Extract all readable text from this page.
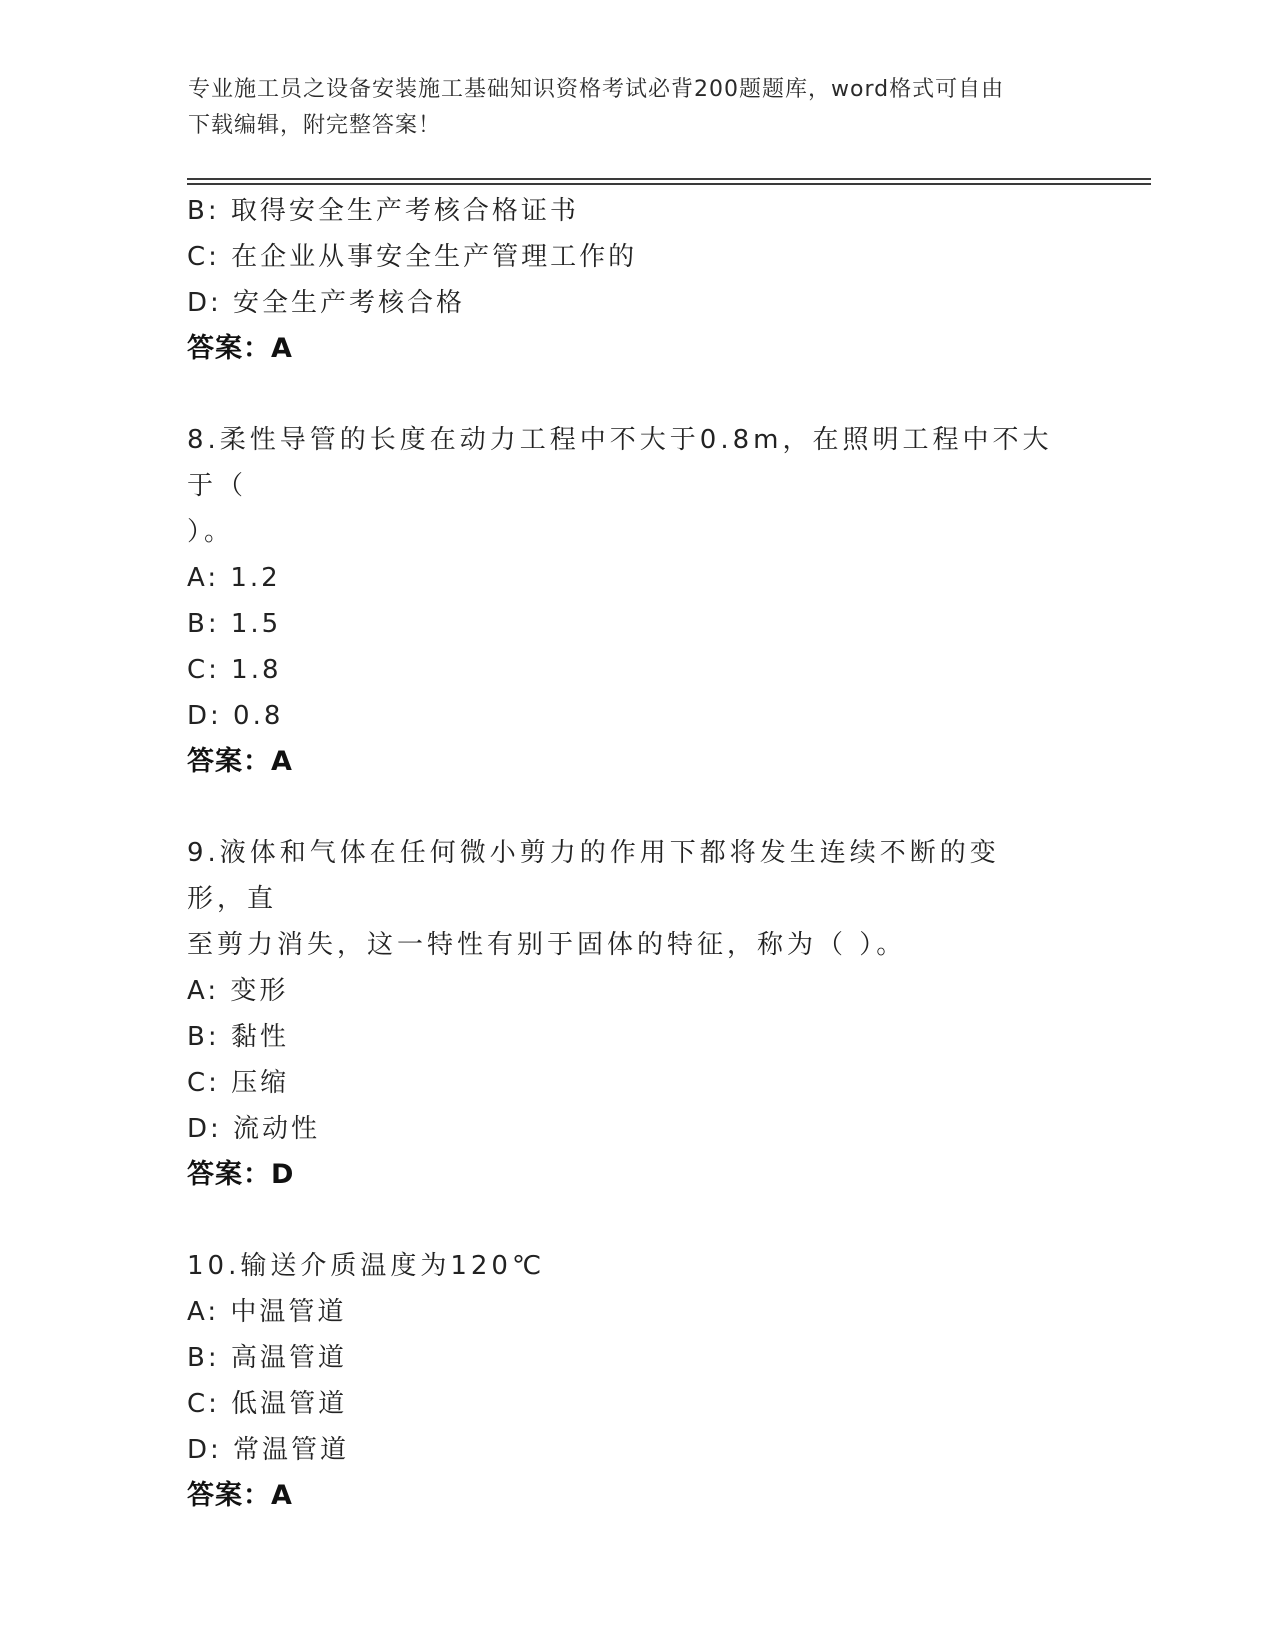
专业施工员之设备安装施工基础知识资格考试必背200题题库，word格式可自由
下载编辑，附完整答案！
B: 取得安全生产考核合格证书
C: 在企业从事安全生产管理工作的
D: 安全生产考核合格
答案：A
8.柔性导管的长度在动力工程中不大于0.8m，在照明工程中不大于（
）。
A: 1.2
B: 1.5
C: 1.8
D: 0.8
答案：A
9.液体和气体在任何微小剪力的作用下都将发生连续不断的变形，直
至剪力消失，这一特性有别于固体的特征，称为（ ）。
A: 变形
B: 黏性
C: 压缩
D: 流动性
答案：D
10.输送介质温度为120℃
A: 中温管道
B: 高温管道
C: 低温管道
D: 常温管道
答案：A
